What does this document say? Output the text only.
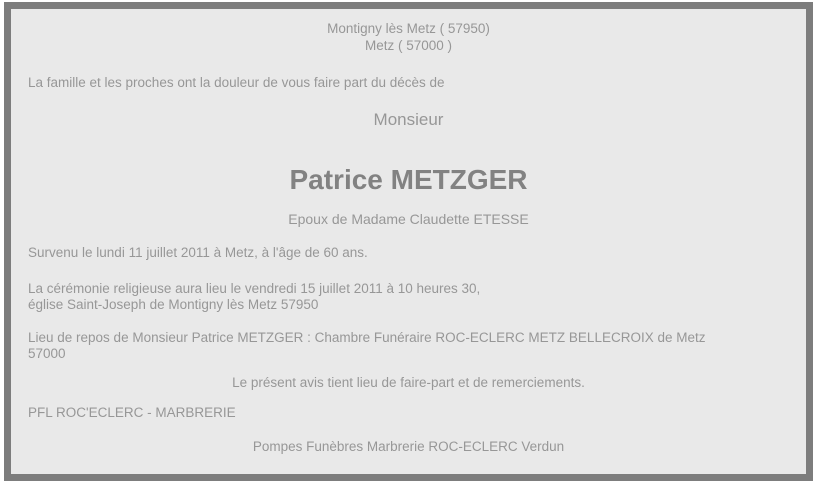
Montigny lès Metz ( 57950)
Metz ( 57000 )

La famille et les proches ont la douleur de vous faire part du décès de

Monsieur

Patrice METZGER

Epoux de Madame Claudette ETESSE

Survenu le lundi 11 juillet 2011 à Metz, à l'âge de 60 ans.

La cérémonie religieuse aura lieu le vendredi 15 juillet 2011 à 10 heures 30,
église Saint-Joseph de Montigny lès Metz 57950

Lieu de repos de Monsieur Patrice METZGER : Chambre Funéraire ROC-ECLERC METZ BELLECROIX de Metz
57000

Le présent avis tient lieu de faire-part et de remerciements.

PFL ROC'ECLERC - MARBRERIE

Pompes Funèbres Marbrerie ROC-ECLERC Verdun
